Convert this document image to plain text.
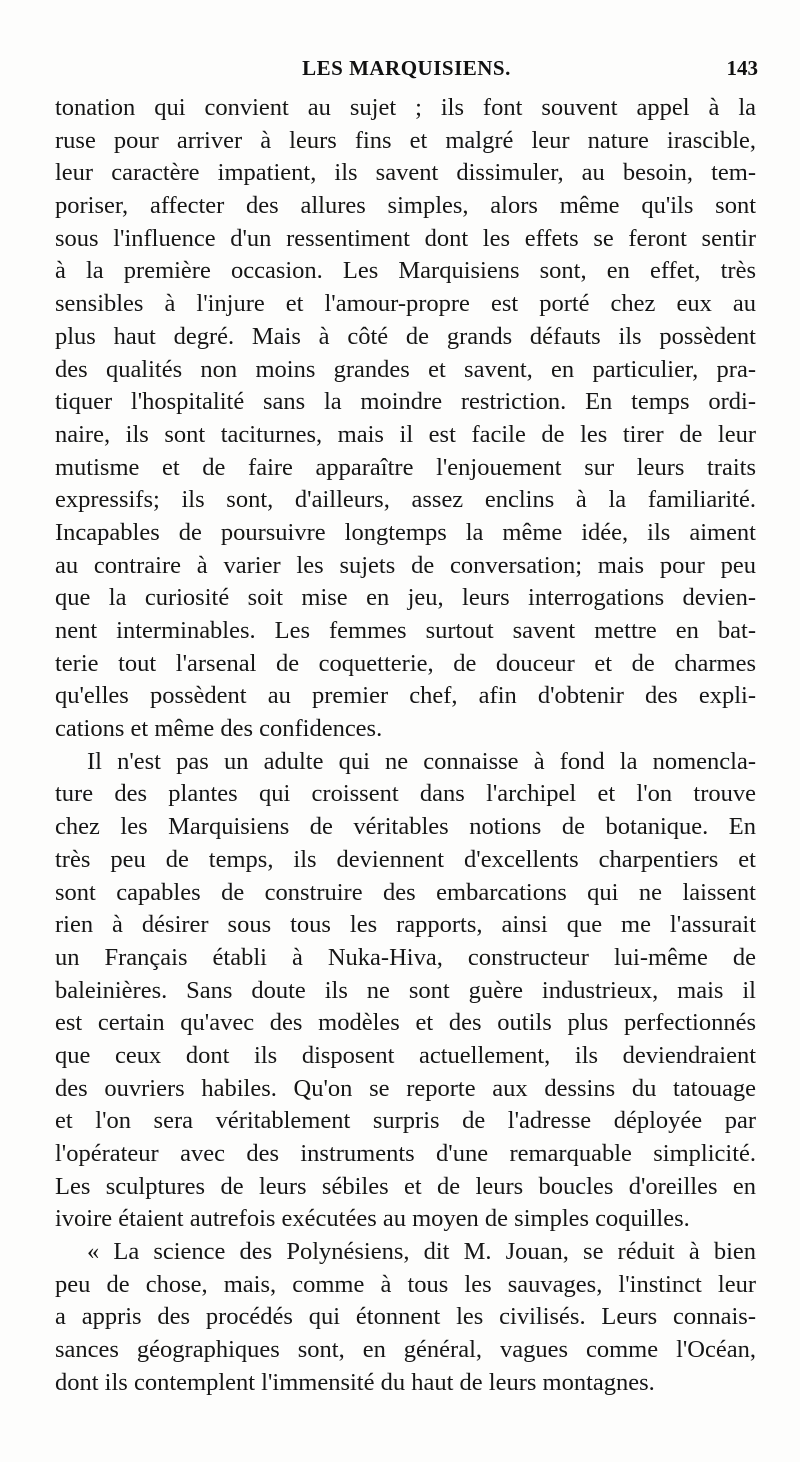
LES MARQUISIENS.	143
tonation qui convient au sujet ; ils font souvent appel à la
ruse pour arriver à leurs fins et malgré leur nature irascible,
leur caractère impatient, ils savent dissimuler, au besoin, tem-
poriser, affecter des allures simples, alors même qu'ils sont
sous l'influence d'un ressentiment dont les effets se feront sentir
à la première occasion. Les Marquisiens sont, en effet, très
sensibles à l'injure et l'amour-propre est porté chez eux au
plus haut degré. Mais à côté de grands défauts ils possèdent
des qualités non moins grandes et savent, en particulier, pra-
tiquer l'hospitalité sans la moindre restriction. En temps ordi-
naire, ils sont taciturnes, mais il est facile de les tirer de leur
mutisme et de faire apparaître l'enjouement sur leurs traits
expressifs; ils sont, d'ailleurs, assez enclins à la familiarité.
Incapables de poursuivre longtemps la même idée, ils aiment
au contraire à varier les sujets de conversation; mais pour peu
que la curiosité soit mise en jeu, leurs interrogations devien-
nent interminables. Les femmes surtout savent mettre en bat-
terie tout l'arsenal de coquetterie, de douceur et de charmes
qu'elles possèdent au premier chef, afin d'obtenir des expli-
cations et même des confidences.
Il n'est pas un adulte qui ne connaisse à fond la nomencla-
ture des plantes qui croissent dans l'archipel et l'on trouve
chez les Marquisiens de véritables notions de botanique. En
très peu de temps, ils deviennent d'excellents charpentiers et
sont capables de construire des embarcations qui ne laissent
rien à désirer sous tous les rapports, ainsi que me l'assurait
un Français établi à Nuka-Hiva, constructeur lui-même de
baleinières. Sans doute ils ne sont guère industrieux, mais il
est certain qu'avec des modèles et des outils plus perfectionnés
que ceux dont ils disposent actuellement, ils deviendraient
des ouvriers habiles. Qu'on se reporte aux dessins du tatouage
et l'on sera véritablement surpris de l'adresse déployée par
l'opérateur avec des instruments d'une remarquable simplicité.
Les sculptures de leurs sébiles et de leurs boucles d'oreilles en
ivoire étaient autrefois exécutées au moyen de simples coquilles.
« La science des Polynésiens, dit M. Jouan, se réduit à bien
peu de chose, mais, comme à tous les sauvages, l'instinct leur
a appris des procédés qui étonnent les civilisés. Leurs connais-
sances géographiques sont, en général, vagues comme l'Océan,
dont ils contemplent l'immensité du haut de leurs montagnes.
